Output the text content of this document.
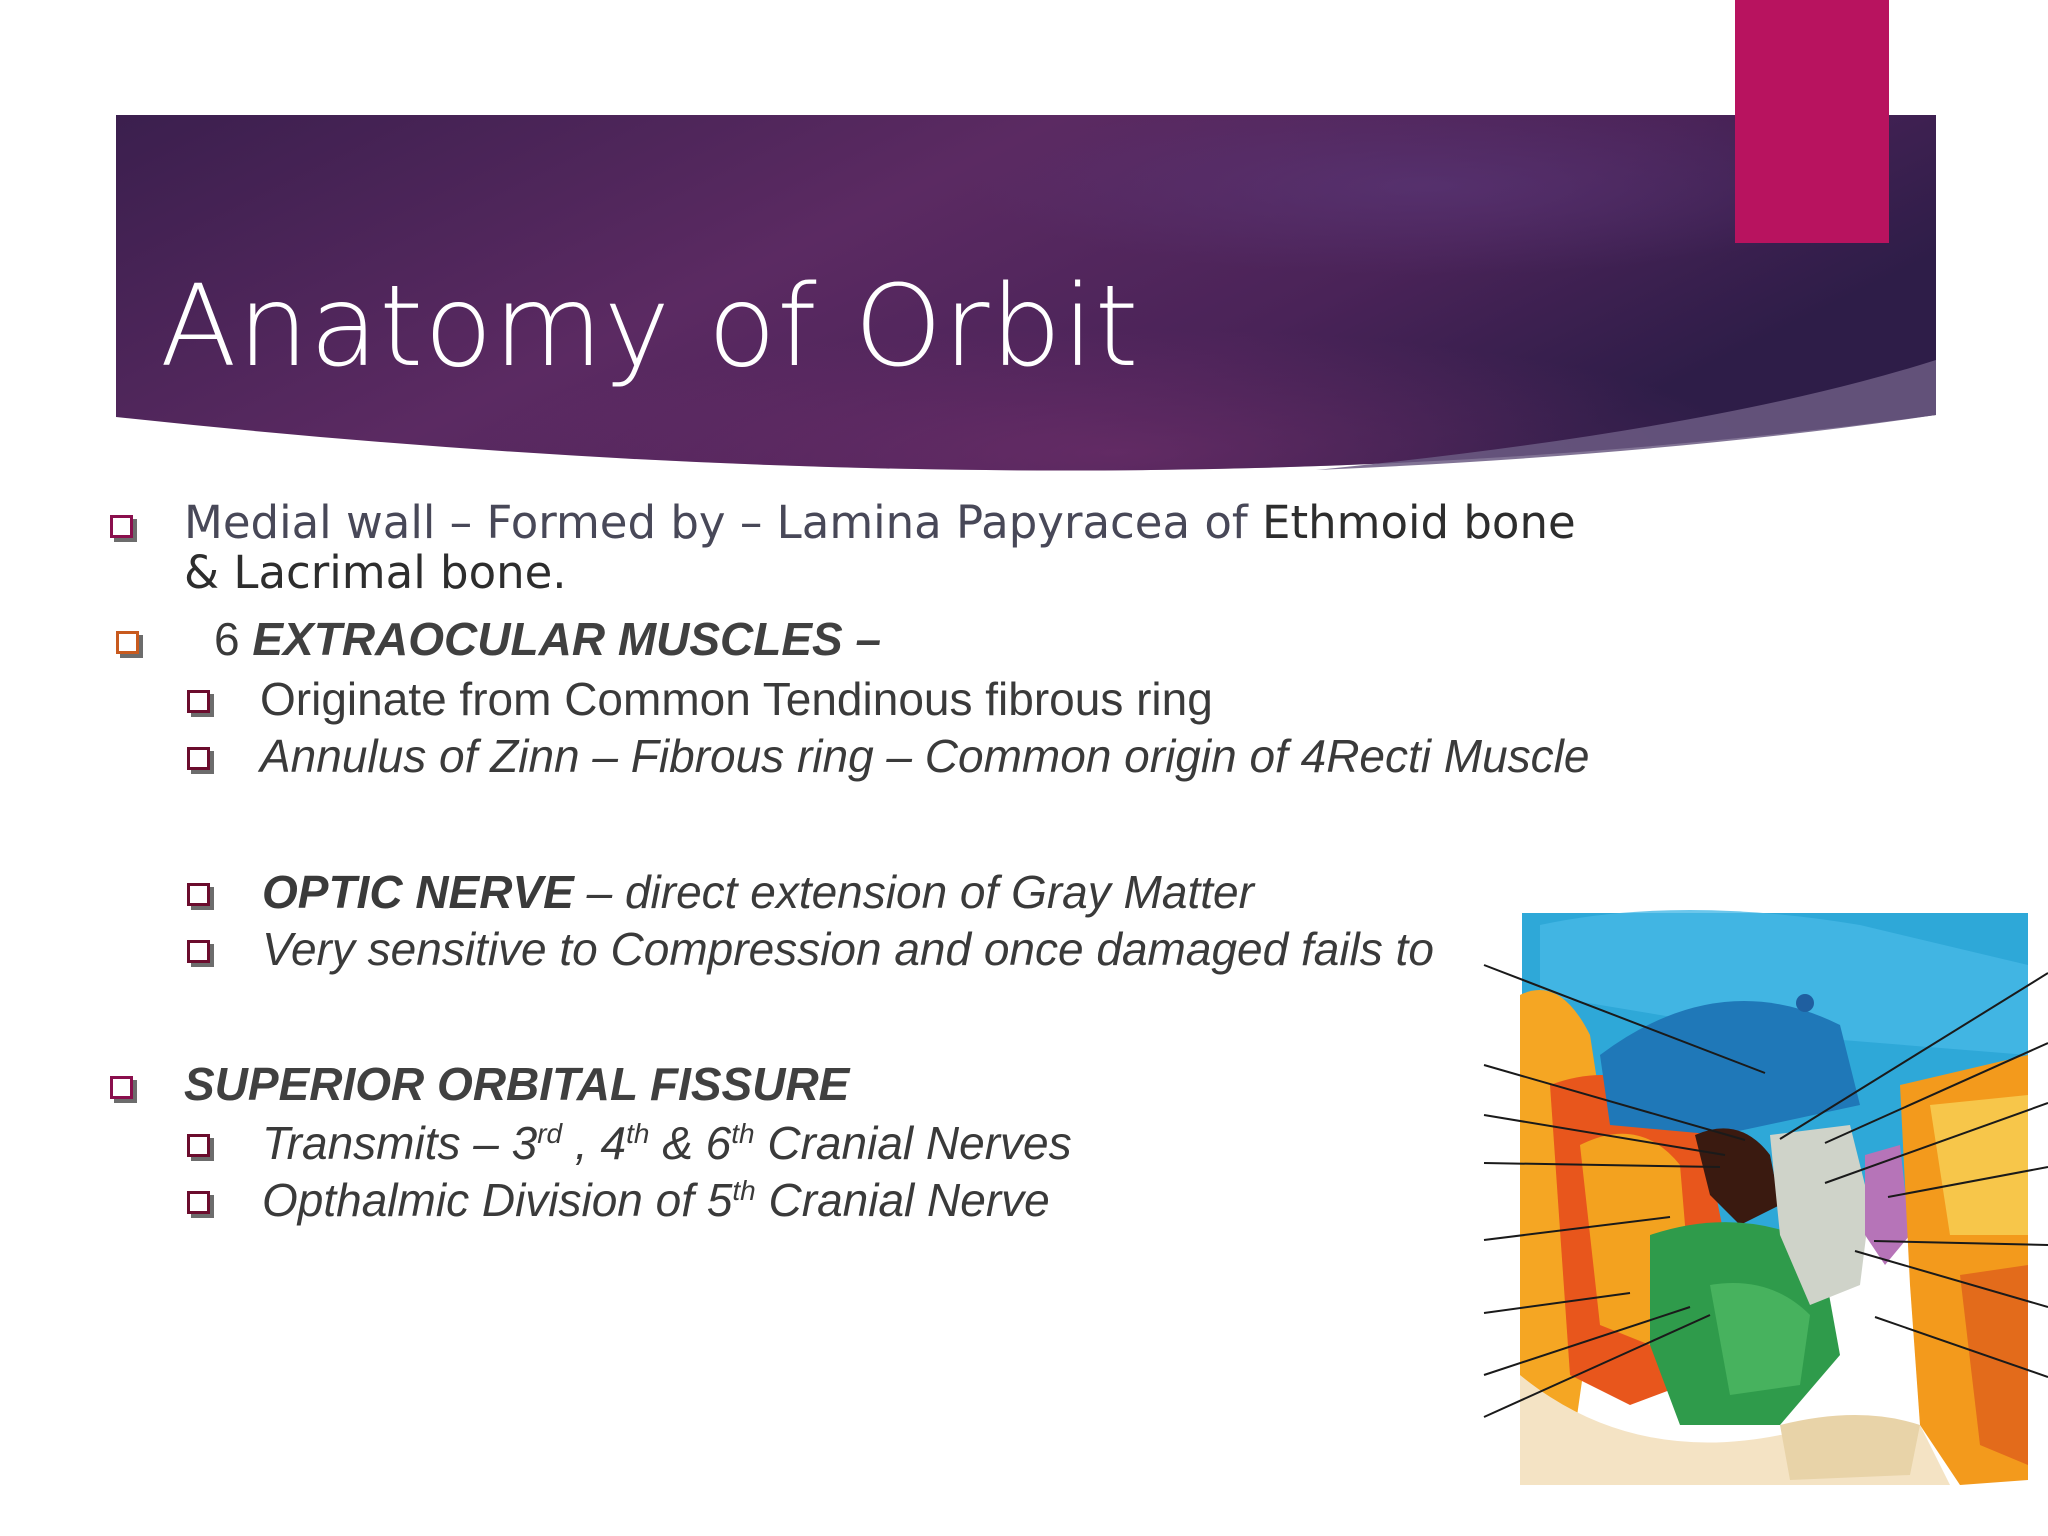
Anatomy of Orbit
Medial wall – Formed by – Lamina Papyracea of Ethmoid bone
& Lacrimal bone.
6 EXTRAOCULAR MUSCLES –
Originate from Common Tendinous fibrous ring
Annulus of Zinn – Fibrous ring – Common origin of 4Recti Muscle
OPTIC NERVE – direct extension of Gray Matter
Very sensitive to Compression and once damaged fails to
SUPERIOR ORBITAL FISSURE
Transmits – 3rd , 4th & 6th Cranial Nerves
Opthalmic Division of 5th Cranial Nerve
